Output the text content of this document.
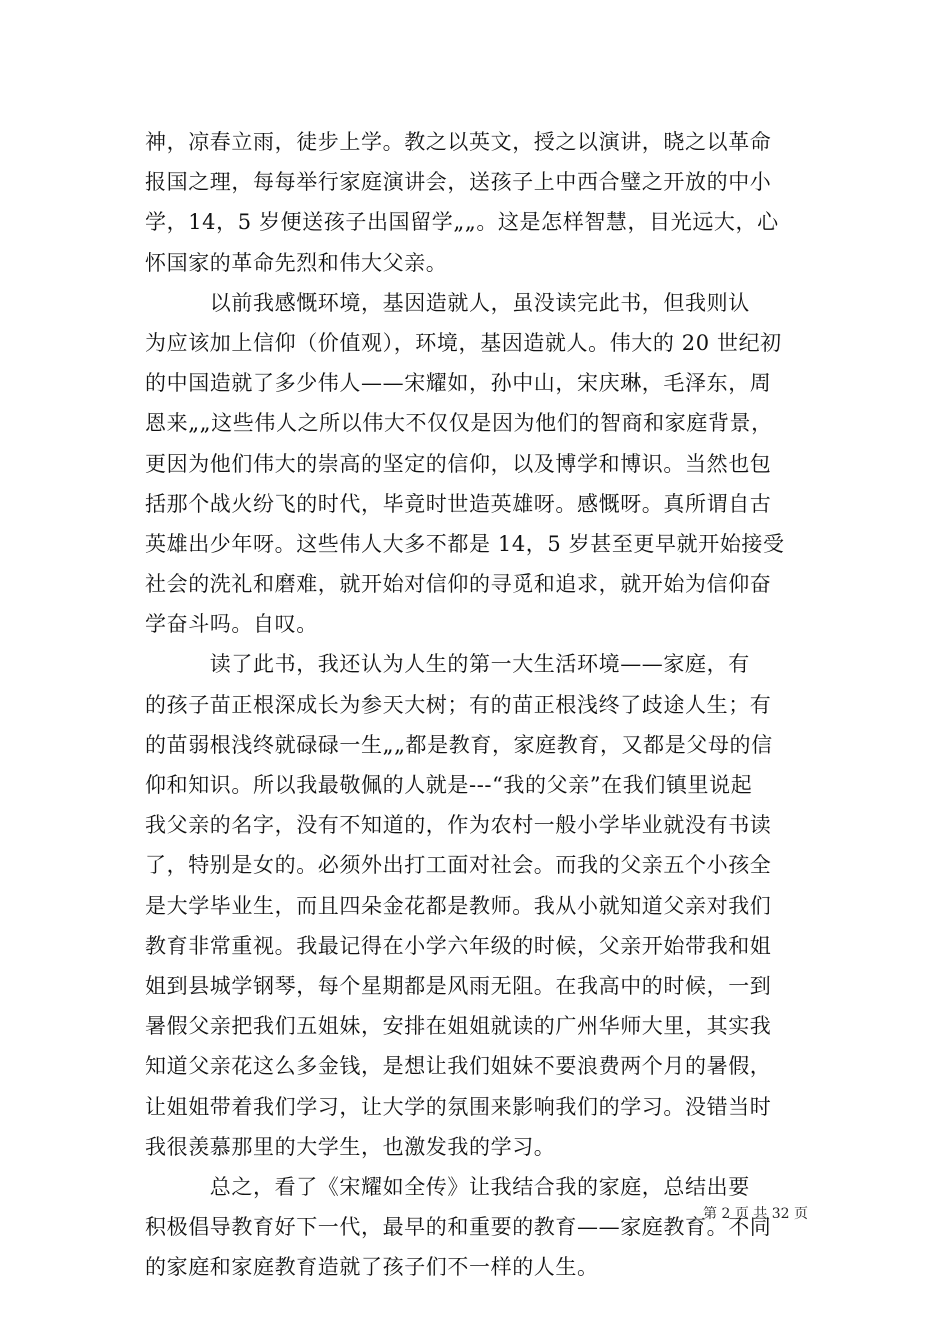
神，凉春立雨，徒步上学。教之以英文，授之以演讲，晓之以革命
报国之理，每每举行家庭演讲会，送孩子上中西合璧之开放的中小
学，14，5 岁便送孩子出国留学„„。这是怎样智慧，目光远大，心
怀国家的革命先烈和伟大父亲。
　　　以前我感慨环境，基因造就人，虽没读完此书，但我则认
为应该加上信仰（价值观），环境，基因造就人。伟大的 20 世纪初
的中国造就了多少伟人——宋耀如，孙中山，宋庆琳，毛泽东，周
恩来„„这些伟人之所以伟大不仅仅是因为他们的智商和家庭背景，
更因为他们伟大的崇高的坚定的信仰，以及博学和博识。当然也包
括那个战火纷飞的时代，毕竟时世造英雄呀。感慨呀。真所谓自古
英雄出少年呀。这些伟人大多不都是 14，5 岁甚至更早就开始接受
社会的洗礼和磨难，就开始对信仰的寻觅和追求，就开始为信仰奋
学奋斗吗。自叹。
　　　读了此书，我还认为人生的第一大生活环境——家庭，有
的孩子苗正根深成长为参天大树；有的苗正根浅终了歧途人生；有
的苗弱根浅终就碌碌一生„„都是教育，家庭教育，又都是父母的信
仰和知识。所以我最敬佩的人就是---“我的父亲”在我们镇里说起
我父亲的名字，没有不知道的，作为农村一般小学毕业就没有书读
了，特别是女的。必须外出打工面对社会。而我的父亲五个小孩全
是大学毕业生，而且四朵金花都是教师。我从小就知道父亲对我们
教育非常重视。我最记得在小学六年级的时候，父亲开始带我和姐
姐到县城学钢琴，每个星期都是风雨无阻。在我高中的时候，一到
暑假父亲把我们五姐妹，安排在姐姐就读的广州华师大里，其实我
知道父亲花这么多金钱，是想让我们姐妹不要浪费两个月的暑假，
让姐姐带着我们学习，让大学的氛围来影响我们的学习。没错当时
我很羡慕那里的大学生，也激发我的学习。
　　　总之，看了《宋耀如全传》让我结合我的家庭，总结出要
积极倡导教育好下一代，最早的和重要的教育——家庭教育。不同
的家庭和家庭教育造就了孩子们不一样的人生。
第 2 页 共 32 页
